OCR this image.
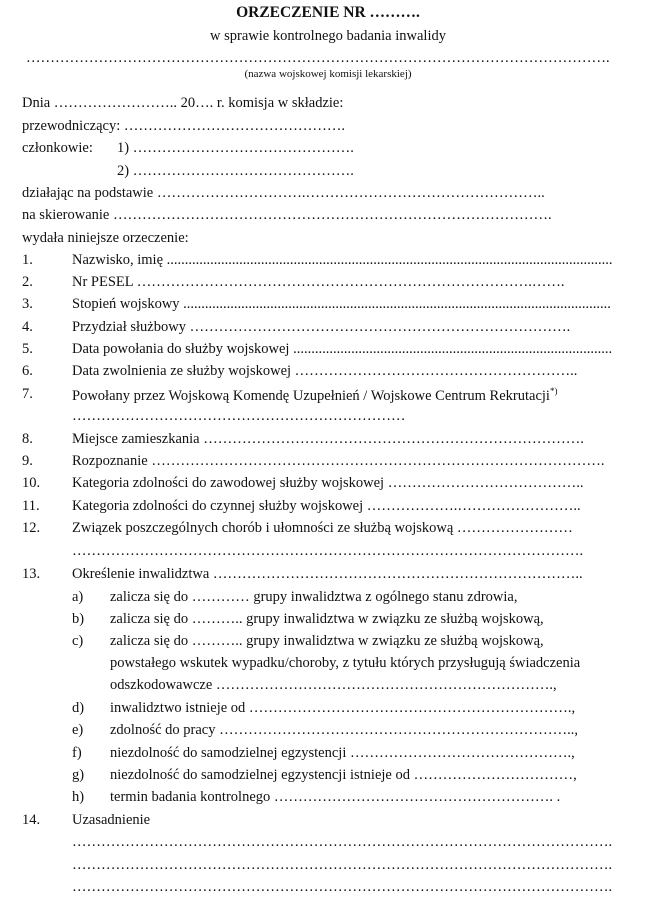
ORZECZENIE NR ……….
w sprawie kontrolnego badania inwalidy
………………………………………………………………………………………………………….
(nazwa wojskowej komisji lekarskiej)
Dnia …………………….. 20…. r. komisja w składzie:
przewodniczący: ……………………………………….
członkowie: 1) ……………………………………….
2) ……………………………………….
działając na podstawie ………………………….…………………………………………..
na skierowanie ……………………………………………………………………………….
wydała niniejsze orzeczenie:
1.	Nazwisko, imię ...........................................................................................................................
2.	Nr PESEL ……………………………………………………………………….…….
3.	Stopień wojskowy ......................................................................................................................
4.	Przydział służbowy …………………………………………………………………….
5.	Data powołania do służby wojskowej ........................................................................................
6.	Data zwolnienia ze służby wojskowej …………………………………………………..
7.	Powołany przez Wojskową Komendę Uzupełnień / Wojskowe Centrum Rekrutacji*)
……………………………………………………………
8.	Miejsce zamieszkania …………………………………………………………………….
9.	Rozpoznanie ………………………………………………………………………………….
10. Kategoria zdolności do zawodowej służby wojskowej …………………………………..
11. Kategoria zdolności do czynnej służby wojskowej ……………….……………………..
12. Związek poszczególnych chorób i ułomności ze służbą wojskową ……………………
…………………………………………………………………………………………….
13. Określenie inwalidztwa …………………………………………………………………..
a) zalicza się do ………… grupy inwalidztwa z ogólnego stanu zdrowia,
b) zalicza się do ……….. grupy inwalidztwa w związku ze służbą wojskową,
c) zalicza się do ……….. grupy inwalidztwa w związku ze służbą wojskową,
powstałego wskutek wypadku/choroby, z tytułu których przysługują świadczenia
odszkodowawcze …………………………………………………………….,
d) inwalidztwo istnieje od ………………………………………………………….,
e) zdolność do pracy ………………………………………………………………..,
f) niezdolność do samodzielnej egzystencji ……………………………………….,
g) niezdolność do samodzielnej egzystencji istnieje od ……………………………,
h) termin badania kontrolnego …………………………………………………. .
14. Uzasadnienie
………………………………………………………………………………………………….
………………………………………………………………………………………………….
………………………………………………………………………………………………….
